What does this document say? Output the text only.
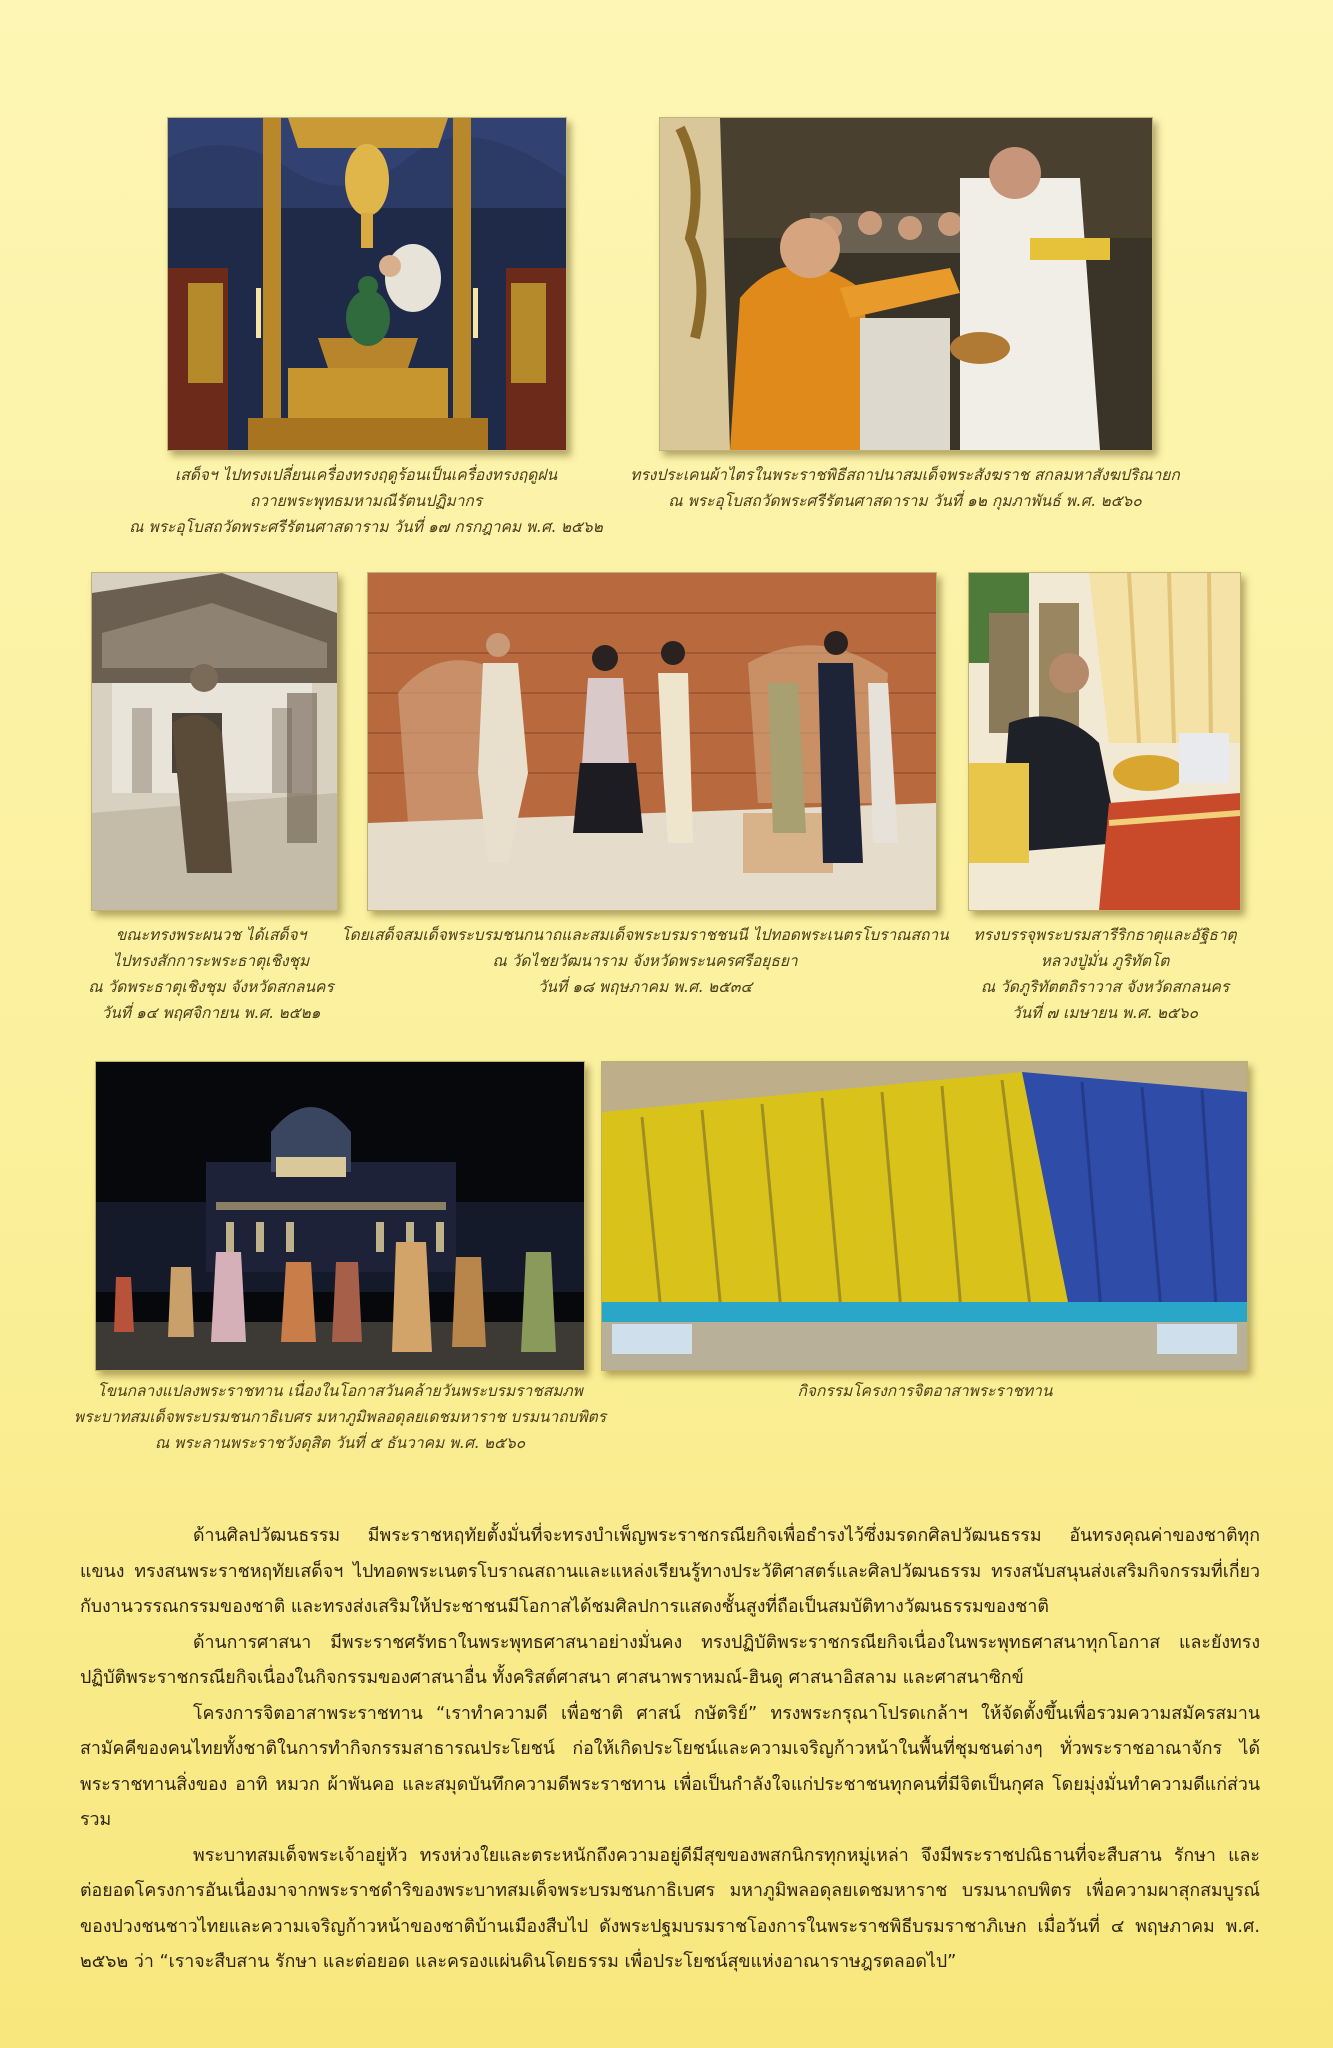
เสด็จฯ ไปทรงเปลี่ยนเครื่องทรงฤดูร้อนเป็นเครื่องทรงฤดูฝน
ถวายพระพุทธมหามณีรัตนปฏิมากร
ณ พระอุโบสถวัดพระศรีรัตนศาสดาราม วันที่ ๑๗ กรกฎาคม พ.ศ. ๒๕๖๒
ทรงประเคนผ้าไตรในพระราชพิธีสถาปนาสมเด็จพระสังฆราช สกลมหาสังฆปริณายก
ณ พระอุโบสถวัดพระศรีรัตนศาสดาราม วันที่ ๑๒ กุมภาพันธ์ พ.ศ. ๒๕๖๐
ขณะทรงพระผนวช ได้เสด็จฯ
ไปทรงสักการะพระธาตุเชิงชุม
ณ วัดพระธาตุเชิงชุม จังหวัดสกลนคร
วันที่ ๑๔ พฤศจิกายน พ.ศ. ๒๕๒๑
โดยเสด็จสมเด็จพระบรมชนกนาถและสมเด็จพระบรมราชชนนี ไปทอดพระเนตรโบราณสถาน
ณ วัดไชยวัฒนาราม จังหวัดพระนครศรีอยุธยา
วันที่ ๑๘ พฤษภาคม พ.ศ. ๒๕๓๔
ทรงบรรจุพระบรมสารีริกธาตุและอัฐิธาตุ
หลวงปู่มั่น ภูริทัตโต
ณ วัดภูริทัตตถิราวาส จังหวัดสกลนคร
วันที่ ๗ เมษายน พ.ศ. ๒๕๖๐
โขนกลางแปลงพระราชทาน เนื่องในโอกาสวันคล้ายวันพระบรมราชสมภพ
พระบาทสมเด็จพระบรมชนกาธิเบศร มหาภูมิพลอดุลยเดชมหาราช บรมนาถบพิตร
ณ พระลานพระราชวังดุสิต วันที่ ๕ ธันวาคม พ.ศ. ๒๕๖๐
กิจกรรมโครงการจิตอาสาพระราชทาน

ด้านศิลปวัฒนธรรม มีพระราชหฤทัยตั้งมั่นที่จะทรงบำเพ็ญพระราชกรณียกิจเพื่อธำรงไว้ซึ่งมรดกศิลปวัฒนธรรม อันทรงคุณค่าของชาติทุกแขนง ทรงสนพระราชหฤทัยเสด็จฯ ไปทอดพระเนตรโบราณสถานและแหล่งเรียนรู้ทางประวัติศาสตร์และศิลปวัฒนธรรม ทรงสนับสนุนส่งเสริมกิจกรรมที่เกี่ยวกับงานวรรณกรรมของชาติ และทรงส่งเสริมให้ประชาชนมีโอกาสได้ชมศิลปการแสดงชั้นสูงที่ถือเป็นสมบัติทางวัฒนธรรมของชาติ

ด้านการศาสนา มีพระราชศรัทธาในพระพุทธศาสนาอย่างมั่นคง ทรงปฏิบัติพระราชกรณียกิจเนื่องในพระพุทธศาสนาทุกโอกาส และยังทรงปฏิบัติพระราชกรณียกิจเนื่องในกิจกรรมของศาสนาอื่น ทั้งคริสต์ศาสนา ศาสนาพราหมณ์-ฮินดู ศาสนาอิสลาม และศาสนาซิกข์

โครงการจิตอาสาพระราชทาน “เราทำความดี เพื่อชาติ ศาสน์ กษัตริย์” ทรงพระกรุณาโปรดเกล้าฯ ให้จัดตั้งขึ้นเพื่อรวมความสมัครสมานสามัคคีของคนไทยทั้งชาติในการทำกิจกรรมสาธารณประโยชน์ ก่อให้เกิดประโยชน์และความเจริญก้าวหน้าในพื้นที่ชุมชนต่างๆ ทั่วพระราชอาณาจักร ได้พระราชทานสิ่งของ อาทิ หมวก ผ้าพันคอ และสมุดบันทึกความดีพระราชทาน เพื่อเป็นกำลังใจแก่ประชาชนทุกคนที่มีจิตเป็นกุศล โดยมุ่งมั่นทำความดีแก่ส่วนรวม

พระบาทสมเด็จพระเจ้าอยู่หัว ทรงห่วงใยและตระหนักถึงความอยู่ดีมีสุขของพสกนิกรทุกหมู่เหล่า จึงมีพระราชปณิธานที่จะสืบสาน รักษา และต่อยอดโครงการอันเนื่องมาจากพระราชดำริของพระบาทสมเด็จพระบรมชนกาธิเบศร มหาภูมิพลอดุลยเดชมหาราช บรมนาถบพิตร เพื่อความผาสุกสมบูรณ์ของปวงชนชาวไทยและความเจริญก้าวหน้าของชาติบ้านเมืองสืบไป ดังพระปฐมบรมราชโองการในพระราชพิธีบรมราชาภิเษก เมื่อวันที่ ๔ พฤษภาคม พ.ศ. ๒๕๖๒ ว่า “เราจะสืบสาน รักษา และต่อยอด และครองแผ่นดินโดยธรรม เพื่อประโยชน์สุขแห่งอาณาราษฎรตลอดไป”
